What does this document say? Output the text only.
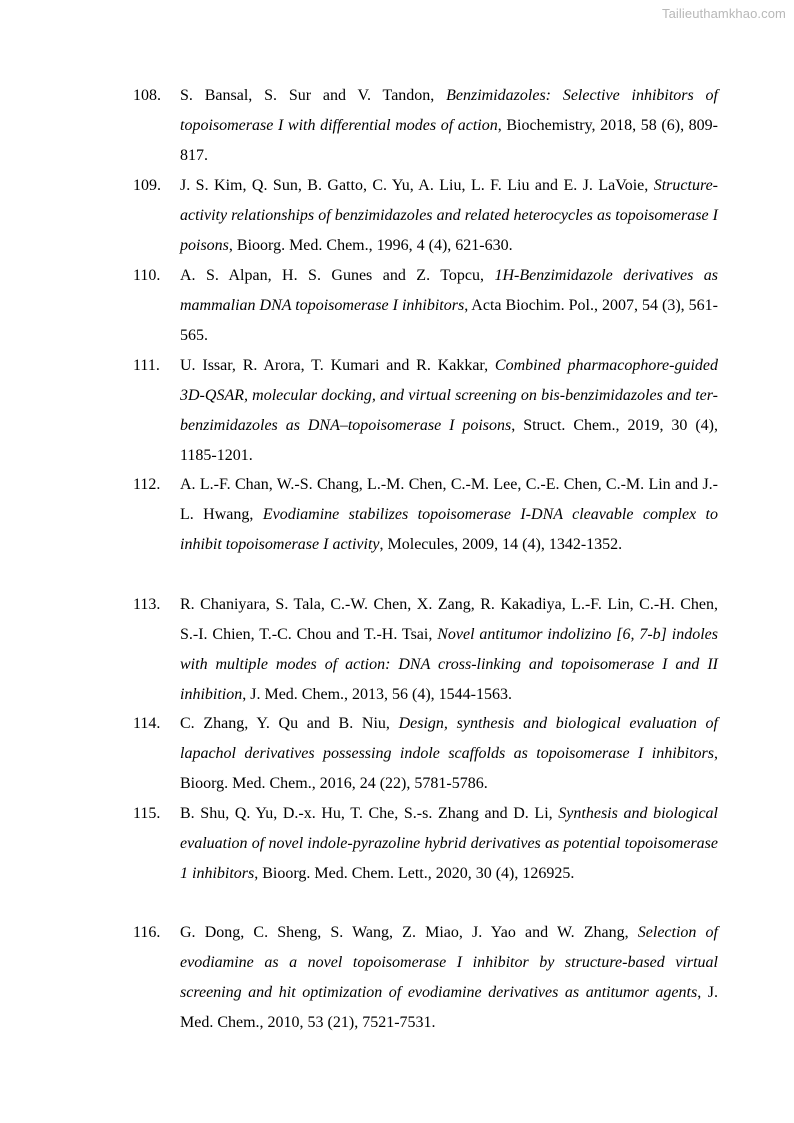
Tailieuthamkhao.com
108. S. Bansal, S. Sur and V. Tandon, Benzimidazoles: Selective inhibitors of topoisomerase I with differential modes of action, Biochemistry, 2018, 58 (6), 809-817.
109. J. S. Kim, Q. Sun, B. Gatto, C. Yu, A. Liu, L. F. Liu and E. J. LaVoie, Structure-activity relationships of benzimidazoles and related heterocycles as topoisomerase I poisons, Bioorg. Med. Chem., 1996, 4 (4), 621-630.
110. A. S. Alpan, H. S. Gunes and Z. Topcu, 1H-Benzimidazole derivatives as mammalian DNA topoisomerase I inhibitors, Acta Biochim. Pol., 2007, 54 (3), 561-565.
111. U. Issar, R. Arora, T. Kumari and R. Kakkar, Combined pharmacophore-guided 3D-QSAR, molecular docking, and virtual screening on bis-benzimidazoles and ter-benzimidazoles as DNA–topoisomerase I poisons, Struct. Chem., 2019, 30 (4), 1185-1201.
112. A. L.-F. Chan, W.-S. Chang, L.-M. Chen, C.-M. Lee, C.-E. Chen, C.-M. Lin and J.-L. Hwang, Evodiamine stabilizes topoisomerase I-DNA cleavable complex to inhibit topoisomerase I activity, Molecules, 2009, 14 (4), 1342-1352.
113. R. Chaniyara, S. Tala, C.-W. Chen, X. Zang, R. Kakadiya, L.-F. Lin, C.-H. Chen, S.-I. Chien, T.-C. Chou and T.-H. Tsai, Novel antitumor indolizino [6, 7-b] indoles with multiple modes of action: DNA cross-linking and topoisomerase I and II inhibition, J. Med. Chem., 2013, 56 (4), 1544-1563.
114. C. Zhang, Y. Qu and B. Niu, Design, synthesis and biological evaluation of lapachol derivatives possessing indole scaffolds as topoisomerase I inhibitors, Bioorg. Med. Chem., 2016, 24 (22), 5781-5786.
115. B. Shu, Q. Yu, D.-x. Hu, T. Che, S.-s. Zhang and D. Li, Synthesis and biological evaluation of novel indole-pyrazoline hybrid derivatives as potential topoisomerase 1 inhibitors, Bioorg. Med. Chem. Lett., 2020, 30 (4), 126925.
116. G. Dong, C. Sheng, S. Wang, Z. Miao, J. Yao and W. Zhang, Selection of evodiamine as a novel topoisomerase I inhibitor by structure-based virtual screening and hit optimization of evodiamine derivatives as antitumor agents, J. Med. Chem., 2010, 53 (21), 7521-7531.
